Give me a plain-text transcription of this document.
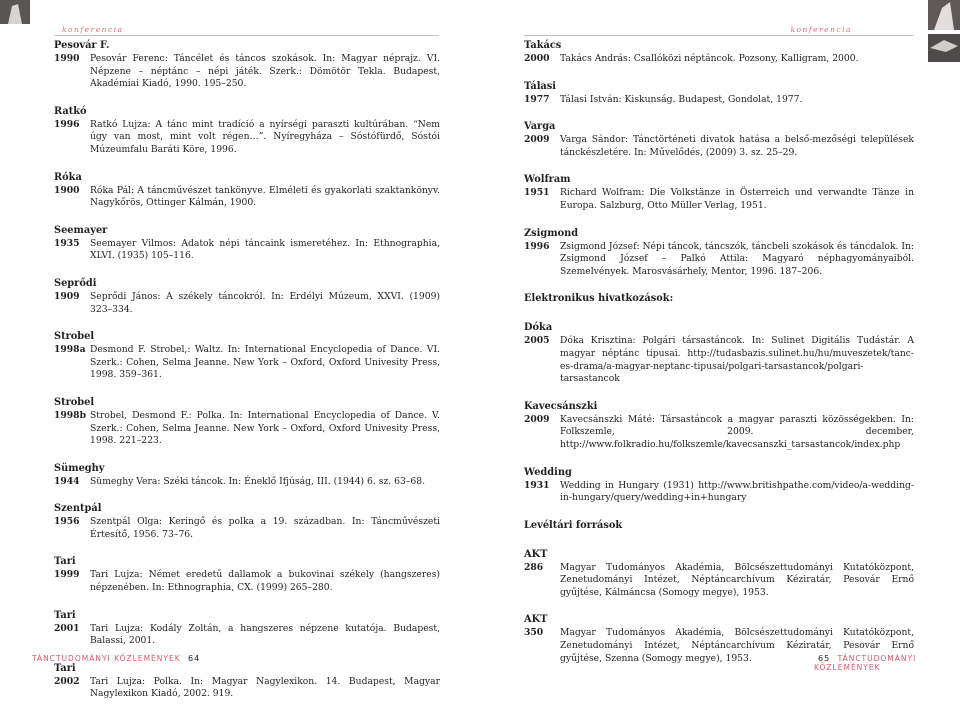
konferencia
Pesovár F.
1990	Pesovár Ferenc: Táncélet és táncos szokások. In: Magyar néprajz. VI. Népzene – néptánc – népi játék. Szerk.: Dömötör Tekla. Budapest, Akadémiai Kiadó, 1990. 195–250.
Ratkó
1996	Ratkó Lujza: A tánc mint tradíció a nyírségi paraszti kultúrában. “Nem úgy van most, mint volt régen…”. Nyíregyháza – Sóstófürdő, Sóstói Múzeumfalu Baráti Köre, 1996.
Róka
1900	Róka Pál: A táncművészet tankönyve. Elméleti és gyakorlati szaktankönyv. Nagykőrös, Ottinger Kálmán, 1900.
Seemayer
1935	Seemayer Vilmos: Adatok népi táncaink ismeretéhez. In: Ethnographia, XLVI. (1935) 105–116.
Seprődi
1909	Seprődi János: A székely táncokról. In: Erdélyi Múzeum, XXVI. (1909) 323–334.
Strobel
1998a Desmond F. Strobel,: Waltz. In: International Encyclopedia of Dance. VI. Szerk.: Cohen, Selma Jeanne. New York – Oxford, Oxford Univesity Press, 1998. 359–361.
Strobel
1998b Strobel, Desmond F.: Polka. In: International Encyclopedia of Dance. V. Szerk.: Cohen, Selma Jeanne. New York – Oxford, Oxford Univesity Press, 1998. 221–223.
Sümeghy
1944	Sümeghy Vera: Széki táncok. In: Éneklő Ifjúság, III. (1944) 6. sz. 63–68.
Szentpál
1956	Szentpál Olga: Keringő és polka a 19. században. In: Táncművészeti Értesítő, 1956. 73–76.
Tari
1999	Tari Lujza: Német eredetű dallamok a bukovinai székely (hangszeres) népzenében. In: Ethnographia, CX. (1999) 265–280.
Tari
2001	Tari Lujza: Kodály Zoltán, a hangszeres népzene kutatója. Budapest, Balassi, 2001.
Tari
2002	Tari Lujza: Polka. In: Magyar Nagylexikon. 14. Budapest, Magyar Nagylexikon Kiadó, 2002. 919.
TÁNCTUDOMÁNYI KÖZLEMÉNYEK 64
konferencia
Takács
2000	Takács András: Csallóközi néptáncok. Pozsony, Kalligram, 2000.
Tálasi
1977	Tálasi István: Kiskunság. Budapest, Gondolat, 1977.
Varga
2009	Varga Sándor: Tánctörténeti divatok hatása a belső-mezőségi települések tánckészletére. In: Művelődés, (2009) 3. sz. 25–29.
Wolfram
1951	Richard Wolfram: Die Volkstänze in Österreich und verwandte Tänze in Europa. Salzburg, Otto Müller Verlag, 1951.
Zsigmond
1996	Zsigmond József: Népi táncok, táncszók, táncbeli szokások és táncdalok. In: Zsigmond József – Palkó Attila: Magyaró néphagyományaiból. Szemelvények. Marosvásárhely, Mentor, 1996. 187–206.
Elektronikus hivatkozások:
Dóka
2005	Dóka Krisztina: Polgári társastáncok. In: Sulinet Digitális Tudástár. A magyar néptánc típusai. http://tudasbazis.sulinet.hu/hu/muveszetek/tanc-es-drama/a-magyar-neptanc-tipusai/polgari-tarsastancok/polgari-tarsastancok
Kavecsánszki
2009	Kavecsánszki Máté: Társastáncok a magyar paraszti közösségekben. In: Folkszemle, 2009. december, http://www.folkradio.hu/folkszemle/kavecsanszki_tarsastancok/index.php
Wedding
1931	Wedding in Hungary (1931) http://www.britishpathe.com/video/a-wedding-in-hungary/query/wedding+in+hungary
Levéltári források
AKT
286	Magyar Tudományos Akadémia, Bölcsészettudományi Kutatóközpont, Zenetudományi Intézet, Néptáncarchívum Kéziratár, Pesovár Ernő gyűjtése, Kálmáncsa (Somogy megye), 1953.
AKT
350	Magyar Tudományos Akadémia, Bölcsészettudományi Kutatóközpont, Zenetudományi Intézet, Néptáncarchívum Kéziratár, Pesovár Ernő gyűjtése, Szenna (Somogy megye), 1953.	65 TÁNCTUDOMÁNYI KÖZLEMÉNYEK
